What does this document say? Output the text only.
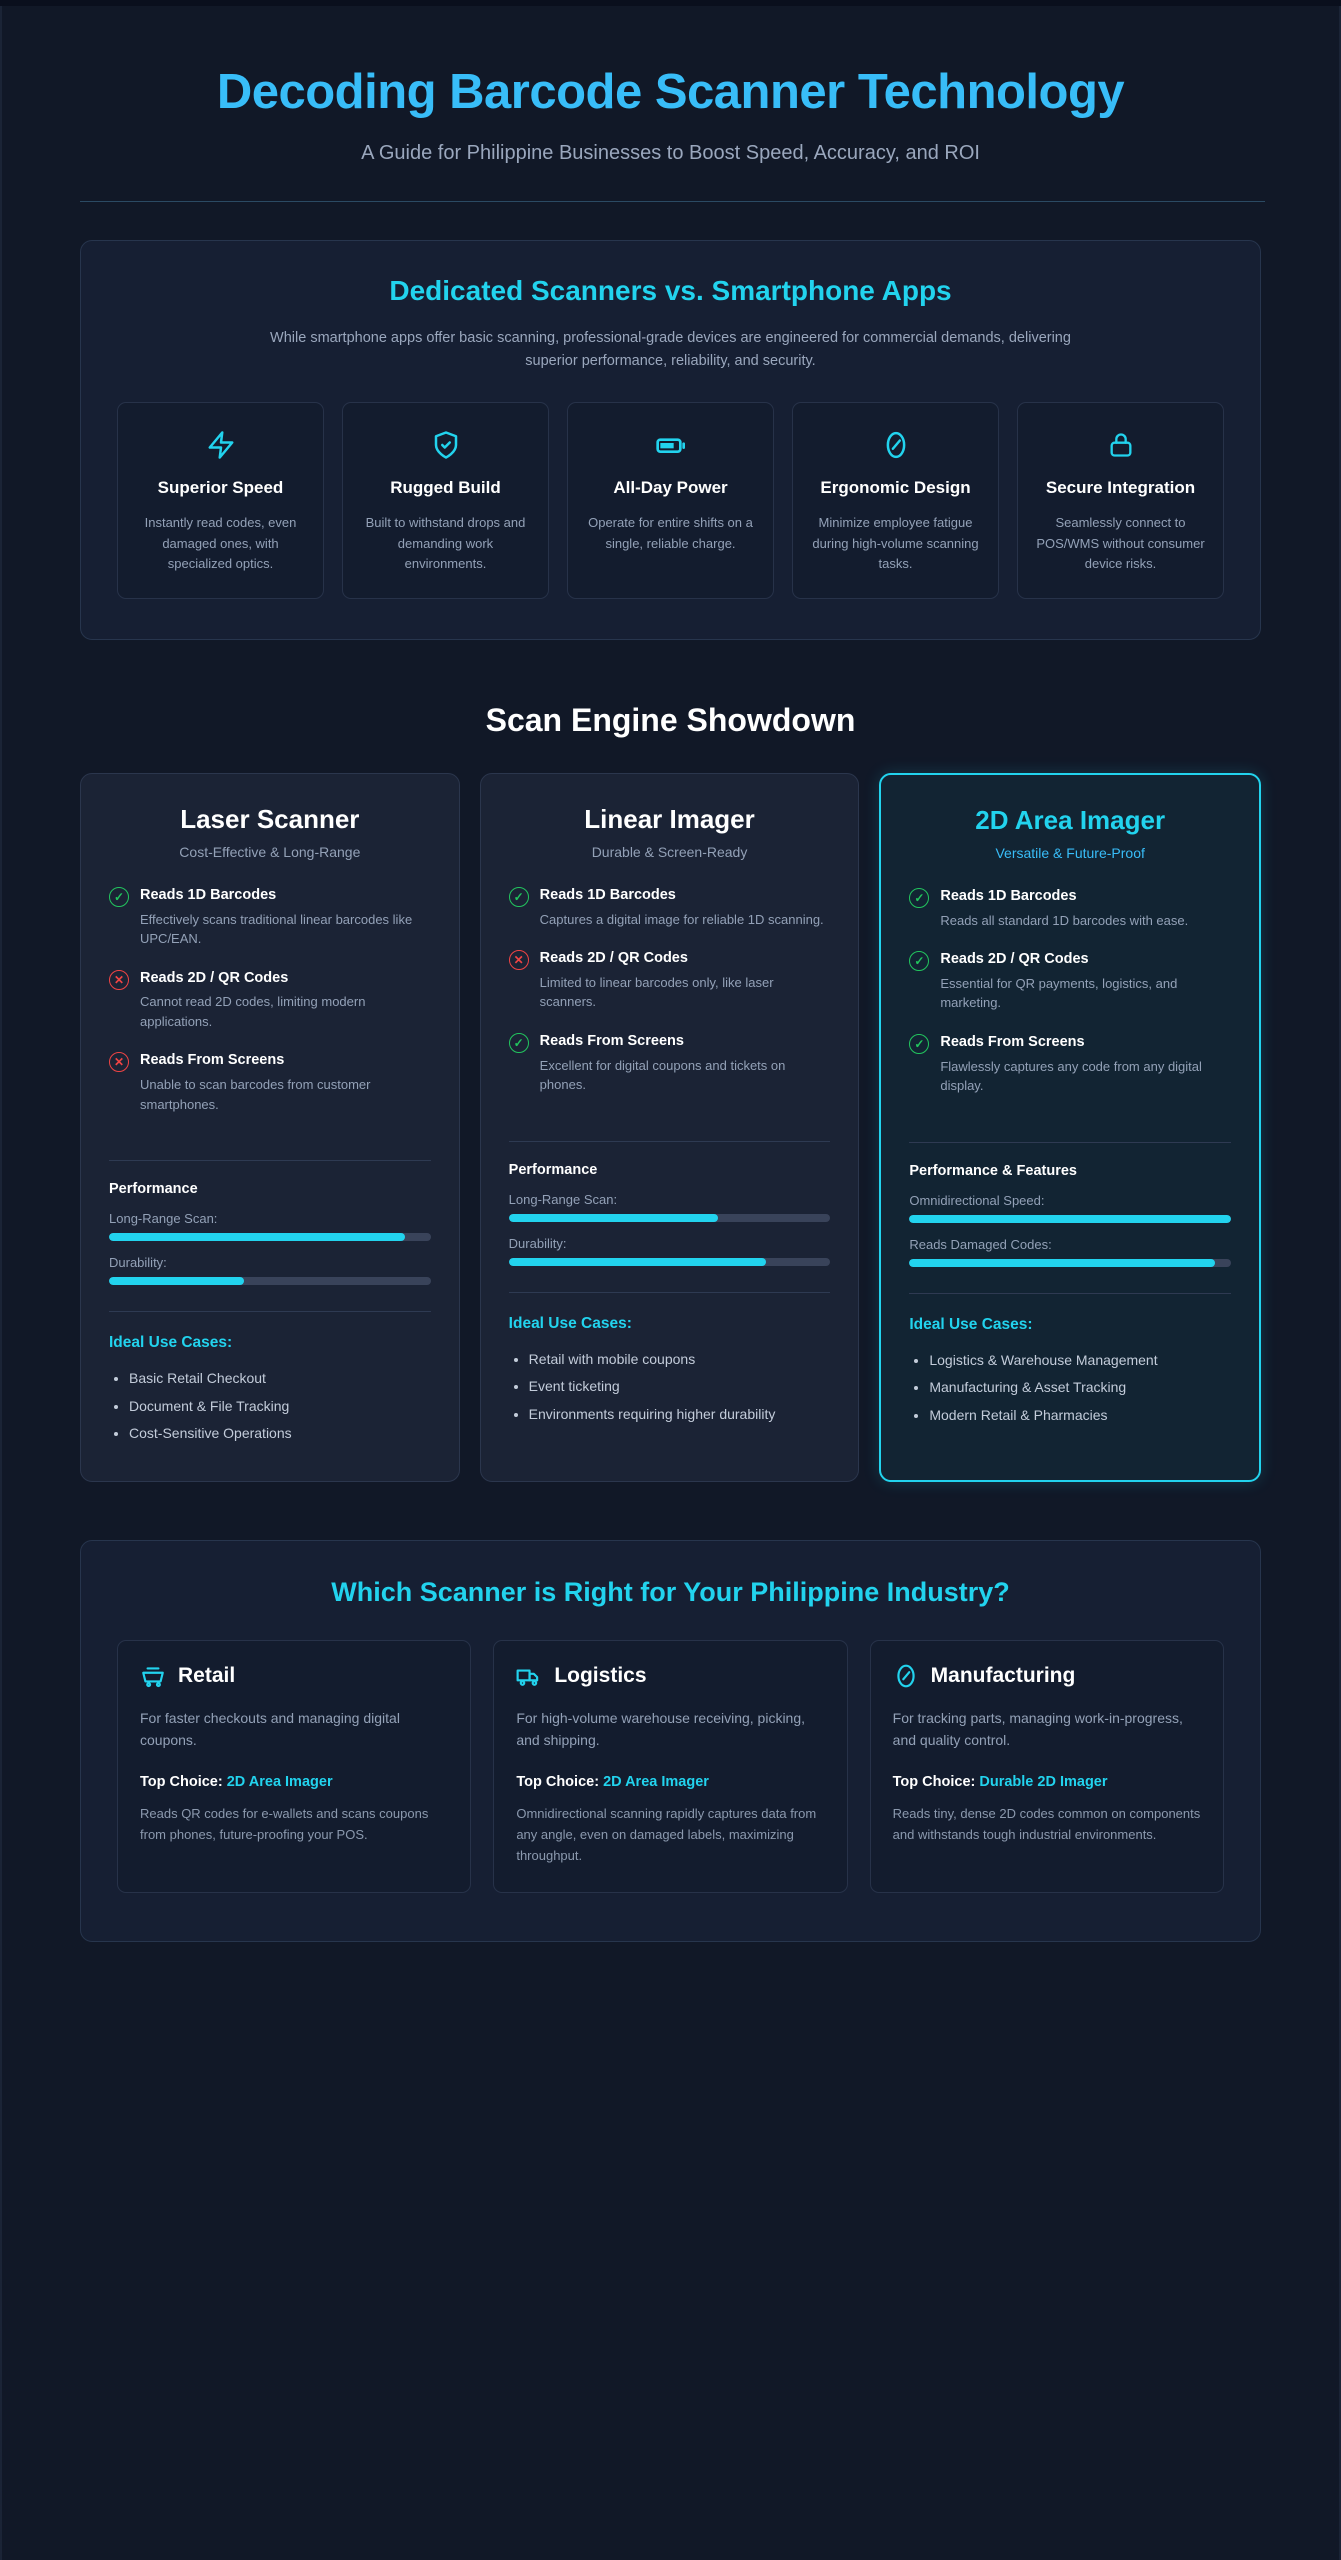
Decoding Barcode Scanner Technology
A Guide for Philippine Businesses to Boost Speed, Accuracy, and ROI
Dedicated Scanners vs. Smartphone Apps
While smartphone apps offer basic scanning, professional-grade devices are engineered for commercial demands, delivering superior performance, reliability, and security.
Superior Speed
Instantly read codes, even damaged ones, with specialized optics.
Rugged Build
Built to withstand drops and demanding work environments.
All-Day Power
Operate for entire shifts on a single, reliable charge.
Ergonomic Design
Minimize employee fatigue during high-volume scanning tasks.
Secure Integration
Seamlessly connect to POS/WMS without consumer device risks.
Scan Engine Showdown
Laser Scanner
Cost-Effective & Long-Range
✓	Reads 1D Barcodes
Effectively scans traditional linear barcodes like UPC/EAN.
✕	Reads 2D / QR Codes
Cannot read 2D codes, limiting modern applications.
✕	Reads From Screens
Unable to scan barcodes from customer smartphones.
Performance
Long-Range Scan:
Durability:
Ideal Use Cases:
• Basic Retail Checkout
• Document & File Tracking
• Cost-Sensitive Operations
Linear Imager
Durable & Screen-Ready
✓	Reads 1D Barcodes
Captures a digital image for reliable 1D scanning.
✕	Reads 2D / QR Codes
Limited to linear barcodes only, like laser scanners.
✓	Reads From Screens
Excellent for digital coupons and tickets on phones.
Performance
Long-Range Scan:
Durability:
Ideal Use Cases:
• Retail with mobile coupons
• Event ticketing
• Environments requiring higher durability
2D Area Imager
Versatile & Future-Proof
✓	Reads 1D Barcodes
Reads all standard 1D barcodes with ease.
✓	Reads 2D / QR Codes
Essential for QR payments, logistics, and marketing.
✓	Reads From Screens
Flawlessly captures any code from any digital display.
Performance & Features
Omnidirectional Speed:
Reads Damaged Codes:
Ideal Use Cases:
• Logistics & Warehouse Management
• Manufacturing & Asset Tracking
• Modern Retail & Pharmacies
Which Scanner is Right for Your Philippine Industry?
Retail
For faster checkouts and managing digital coupons.
Top Choice: 2D Area Imager
Reads QR codes for e-wallets and scans coupons from phones, future-proofing your POS.
Logistics
For high-volume warehouse receiving, picking, and shipping.
Top Choice: 2D Area Imager
Omnidirectional scanning rapidly captures data from any angle, even on damaged labels, maximizing throughput.
Manufacturing
For tracking parts, managing work-in-progress, and quality control.
Top Choice: Durable 2D Imager
Reads tiny, dense 2D codes common on components and withstands tough industrial environments.
